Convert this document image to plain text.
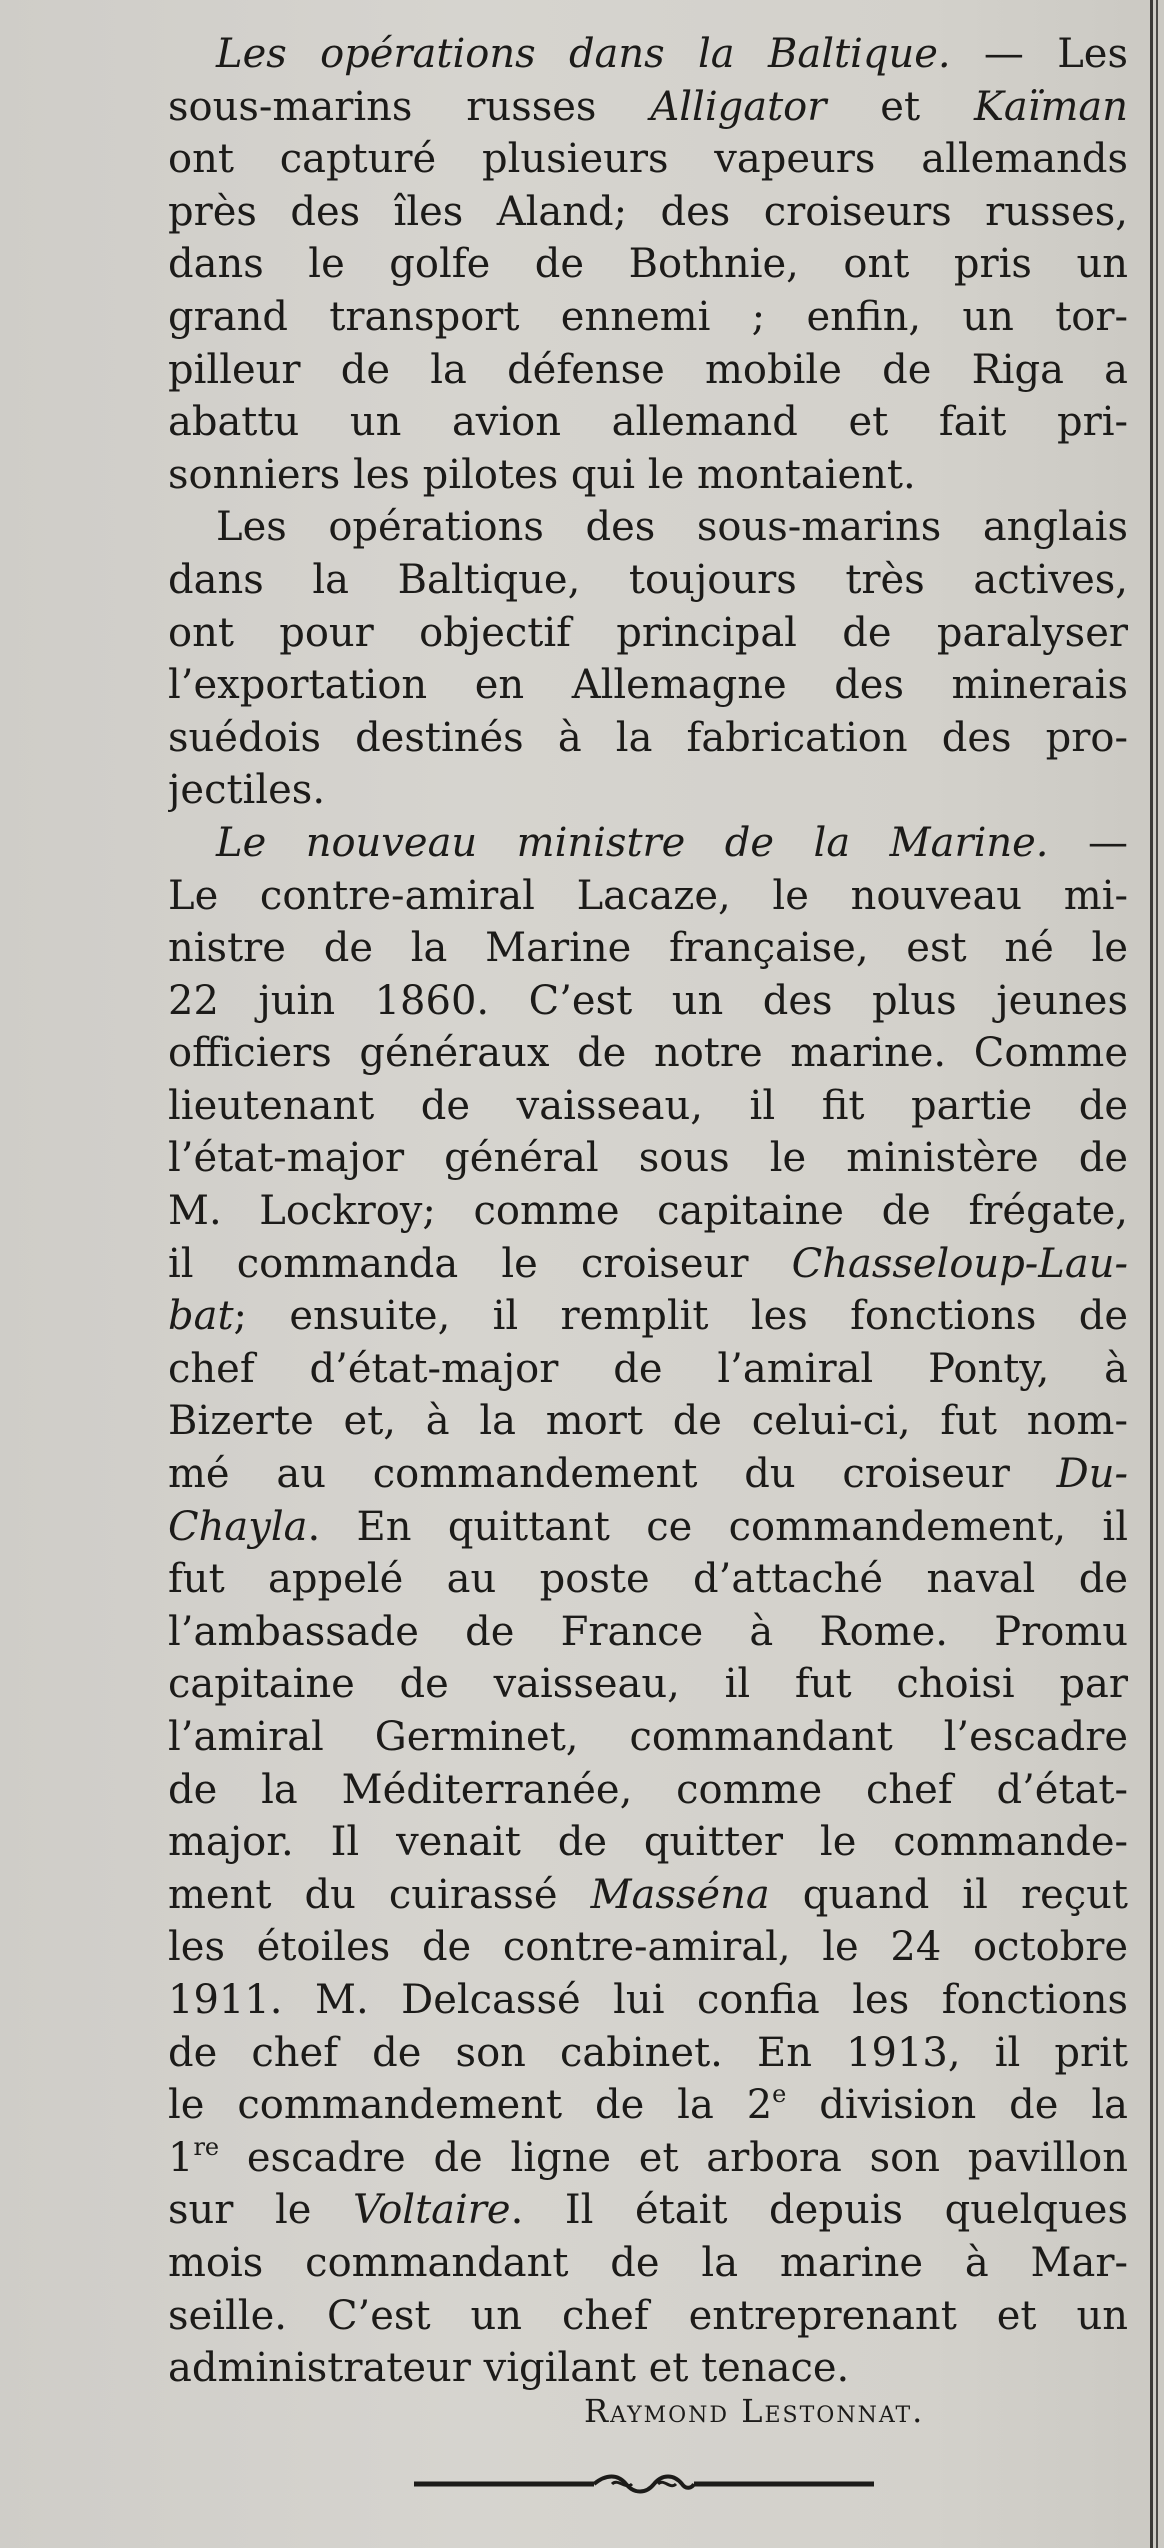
Les opérations dans la Baltique. — Les
sous-marins russes Alligator et Kaïman
ont capturé plusieurs vapeurs allemands
près des îles Aland; des croiseurs russes,
dans le golfe de Bothnie, ont pris un
grand transport ennemi ; enfin, un tor-
pilleur de la défense mobile de Riga a
abattu un avion allemand et fait pri-
sonniers les pilotes qui le montaient.
Les opérations des sous-marins anglais
dans la Baltique, toujours très actives,
ont pour objectif principal de paralyser
l’exportation en Allemagne des minerais
suédois destinés à la fabrication des pro-
jectiles.
Le nouveau ministre de la Marine. —
Le contre-amiral Lacaze, le nouveau mi-
nistre de la Marine française, est né le
22 juin 1860. C’est un des plus jeunes
officiers généraux de notre marine. Comme
lieutenant de vaisseau, il fit partie de
l’état-major général sous le ministère de
M. Lockroy; comme capitaine de frégate,
il commanda le croiseur Chasseloup-Lau-
bat; ensuite, il remplit les fonctions de
chef d’état-major de l’amiral Ponty, à
Bizerte et, à la mort de celui-ci, fut nom-
mé au commandement du croiseur Du-
Chayla. En quittant ce commandement, il
fut appelé au poste d’attaché naval de
l’ambassade de France à Rome. Promu
capitaine de vaisseau, il fut choisi par
l’amiral Germinet, commandant l’escadre
de la Méditerranée, comme chef d’état-
major. Il venait de quitter le commande-
ment du cuirassé Masséna quand il reçut
les étoiles de contre-amiral, le 24 octobre
1911. M. Delcassé lui confia les fonctions
de chef de son cabinet. En 1913, il prit
le commandement de la 2e division de la
1re escadre de ligne et arbora son pavillon
sur le Voltaire. Il était depuis quelques
mois commandant de la marine à Mar-
seille. C’est un chef entreprenant et un
administrateur vigilant et tenace.
Raymond Lestonnat.
